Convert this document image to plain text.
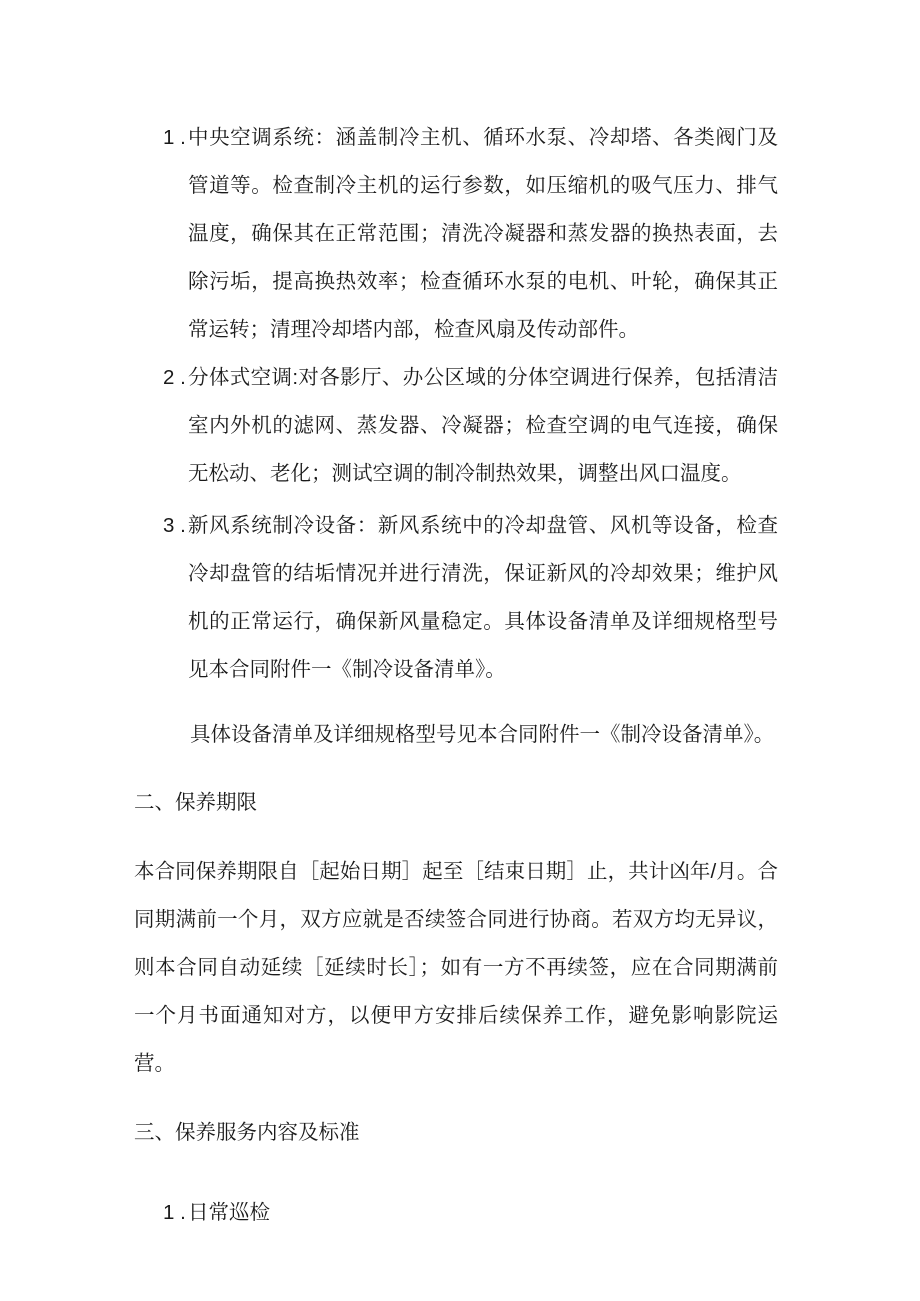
1 . 中央空调系统：涵盖制冷主机、循环水泵、冷却塔、各类阀门及管道等。检查制冷主机的运行参数，如压缩机的吸气压力、排气温度，确保其在正常范围；清洗冷凝器和蒸发器的换热表面，去除污垢，提高换热效率；检查循环水泵的电机、叶轮，确保其正常运转；清理冷却塔内部，检查风扇及传动部件。
2 . 分体式空调:对各影厅、办公区域的分体空调进行保养，包括清洁室内外机的滤网、蒸发器、冷凝器；检查空调的电气连接，确保无松动、老化；测试空调的制冷制热效果，调整出风口温度。
3 . 新风系统制冷设备：新风系统中的冷却盘管、风机等设备，检查冷却盘管的结垢情况并进行清洗，保证新风的冷却效果；维护风机的正常运行，确保新风量稳定。具体设备清单及详细规格型号见本合同附件一《制冷设备清单》。

具体设备清单及详细规格型号见本合同附件一《制冷设备清单》。

二、保养期限

本合同保养期限自［起始日期］起至［结束日期］止，共计凶年/月。合同期满前一个月，双方应就是否续签合同进行协商。若双方均无异议，则本合同自动延续［延续时长］；如有一方不再续签，应在合同期满前一个月书面通知对方，以便甲方安排后续保养工作，避免影响影院运营。

三、保养服务内容及标准
1 . 日常巡检
